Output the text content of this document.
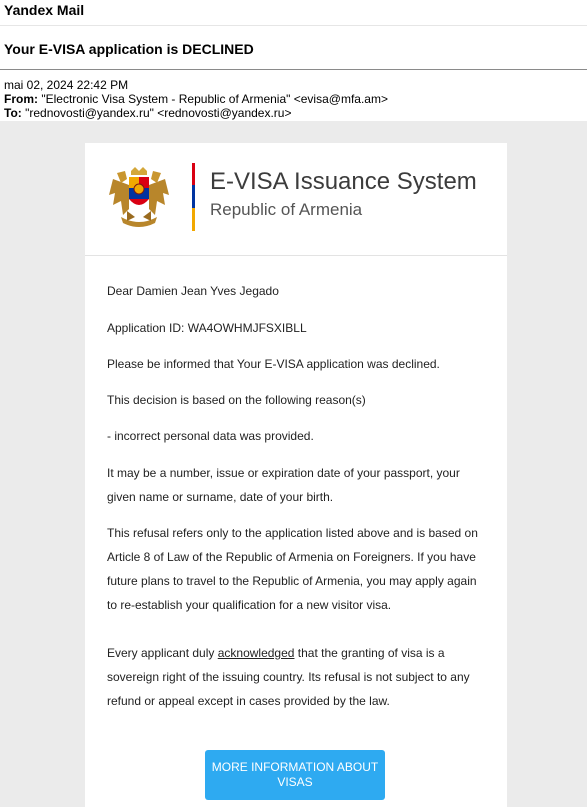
Yandex Mail
Your E-VISA application is DECLINED
mai 02, 2024 22:42 PM
From: "Electronic Visa System - Republic of Armenia" <evisa@mfa.am>
To: "rednovosti@yandex.ru" <rednovosti@yandex.ru>
E-VISA Issuance System
Republic of Armenia
Dear Damien Jean Yves Jegado
Application ID: WA4OWHMJFSXIBLL
Please be informed that Your E-VISA application was declined.
This decision is based on the following reason(s)
- incorrect personal data was provided.
It may be a number, issue or expiration date of your passport, your
given name or surname, date of your birth.
This refusal refers only to the application listed above and is based on
Article 8 of Law of the Republic of Armenia on Foreigners. If you have
future plans to travel to the Republic of Armenia, you may apply again
to re-establish your qualification for a new visitor visa.
Every applicant duly acknowledged that the granting of visa is a
sovereign right of the issuing country. Its refusal is not subject to any
refund or appeal except in cases provided by the law.
MORE INFORMATION ABOUT
VISAS
